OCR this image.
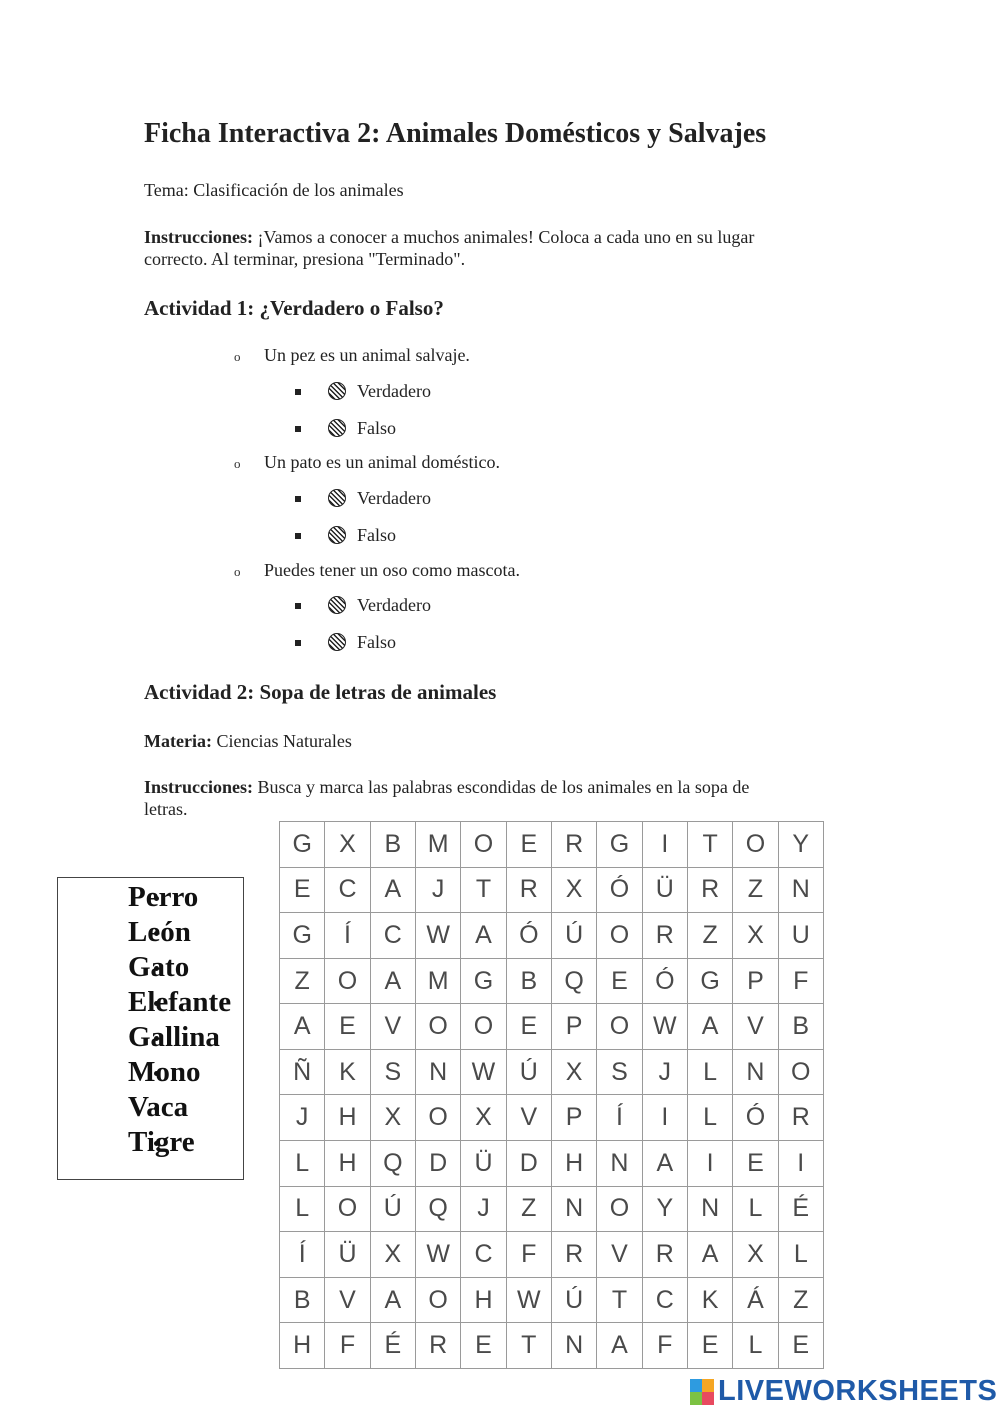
Ficha Interactiva 2: Animales Domésticos y Salvajes
Tema: Clasificación de los animales
Instrucciones: ¡Vamos a conocer a muchos animales! Coloca a cada uno en su lugar
correcto. Al terminar, presiona "Terminado".
Actividad 1: ¿Verdadero o Falso?
o Un pez es un animal salvaje.
Verdadero
Falso
o Un pato es un animal doméstico.
Verdadero
Falso
o Puedes tener un oso como mascota.
Verdadero
Falso
Actividad 2: Sopa de letras de animales
Materia: Ciencias Naturales
Instrucciones: Busca y marca las palabras escondidas de los animales en la sopa de
letras.
Perro
León
Gato
Elefante
Gallina
Mono
Vaca
Tigre
G	X	B	M	O	E	R	G	I	T	O	Y
E	C	A	J	T	R	X	Ó	Ü	R	Z	N
G	Í	C W	A	Ó	Ú	O	R	Z	X	U
Z	O	A	M	G	B	Q	E	Ó	G	P	F
A	E	V	O	O	E	P	O W	A	V	B
Ñ	K	S	N W Ú	X	S	J	L	N	O
J	H	X	O	X	V	P	Í	I	L	Ó	R
L	H	Q	D	Ü	D	H	N	A	I	E	I
L	O	Ú	Q	J	Z	N	O	Y	N	L	É
Í	Ü	X	W C	F	R	V	R	A	X	L
B	V	A	O	H W Ú	T	C	K	Á	Z
H	F	É	R	E	T	N	A	F	E	L	E
LIVEWORKSHEETS
